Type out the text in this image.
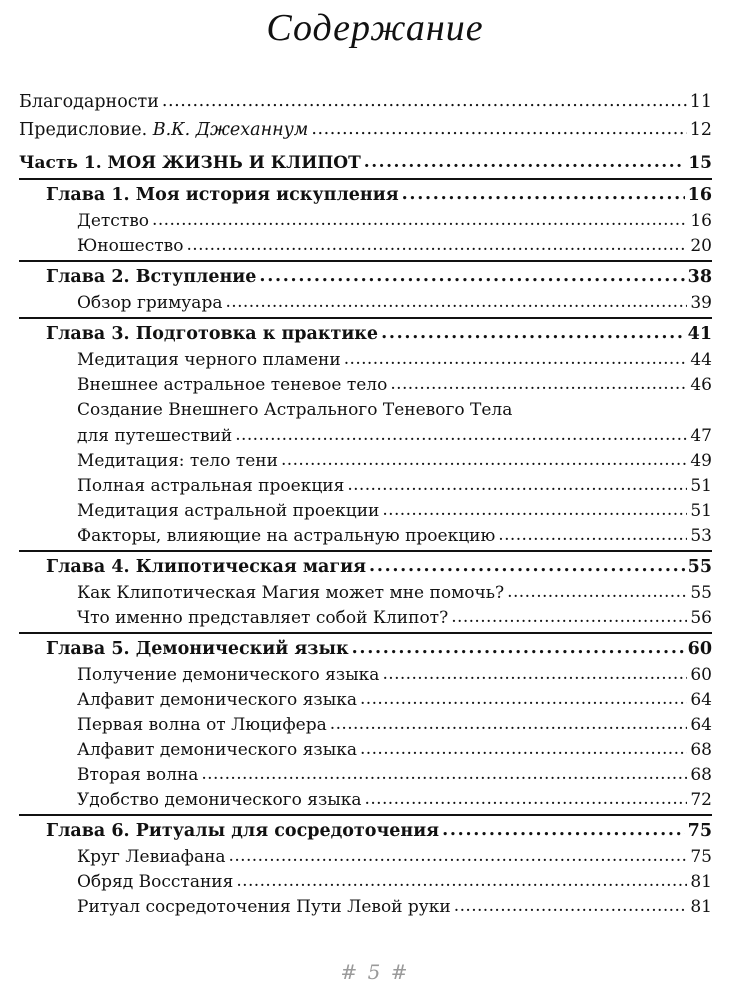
Содержание
Благодарности . . .	11
Предисловие. В.К. Джеханнум . . .	12
Часть 1. МОЯ ЖИЗНЬ И КЛИПОТ . . .	15
Глава 1. Моя история искупления . . .	16
Детство . . .	16
Юношество . . .	20
Глава 2. Вступление . . .	38
Обзор гримуара . . .	39
Глава 3. Подготовка к практике . . .	41
Медитация черного пламени . . .	44
Внешнее астральное теневое тело . . .	46
Создание Внешнего Астрального Теневого Тела
для путешествий . . .	47
Медитация: тело тени . . .	49
Полная астральная проекция . . .	51
Медитация астральной проекции . . .	51
Факторы, влияющие на астральную проекцию . . .	53
Глава 4. Клипотическая магия . . .	55
Как Клипотическая Магия может мне помочь? . . .	55
Что именно представляет собой Клипот? . . .	56
Глава 5. Демонический язык . . .	60
Получение демонического языка . . .	60
Алфавит демонического языка . . .	64
Первая волна от Люцифера . . .	64
Алфавит демонического языка . . .	68
Вторая волна . . .	68
Удобство демонического языка . . .	72
Глава 6. Ритуалы для сосредоточения . . .	75
Круг Левиафана . . .	75
Обряд Восстания . . .	81
Ритуал сосредоточения Пути Левой руки . . .	81
# 5 #
